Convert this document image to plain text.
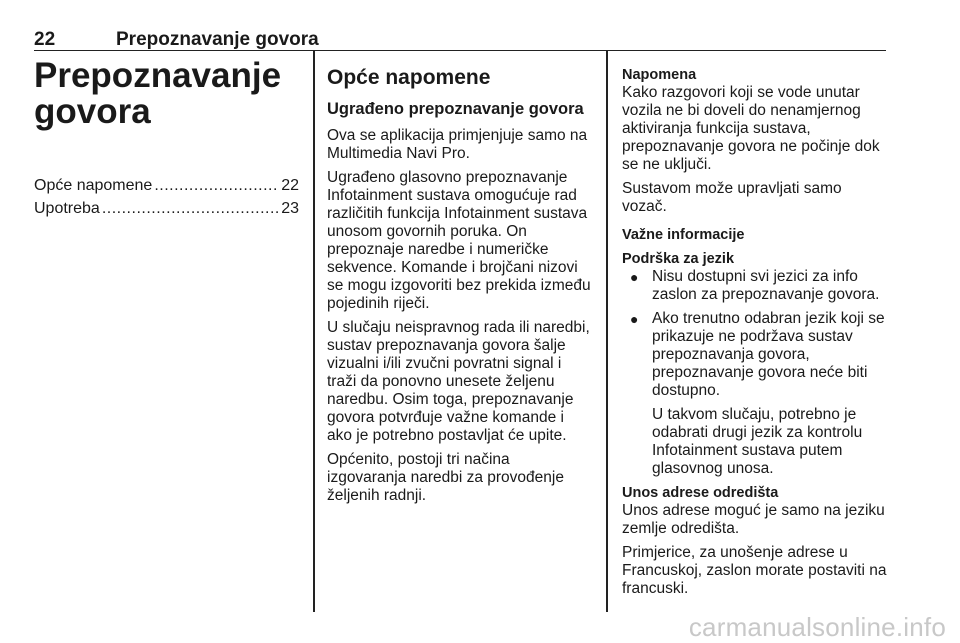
22	Prepoznavanje govora
Prepoznavanje
govora
Opće napomene .....	22
Upotreba .....	23
Opće napomene
Ugrađeno prepoznavanje govora

Ova se aplikacija primjenjuje samo na Multimedia Navi Pro.

Ugrađeno glasovno prepoznavanje Infotainment sustava omogućuje rad različitih funkcija Infotainment sustava unosom govornih poruka. On prepoznaje naredbe i numeričke sekvence. Komande i brojčani nizovi se mogu izgovoriti bez prekida između pojedinih riječi.

U slučaju neispravnog rada ili naredbi, sustav prepoznavanja govora šalje vizualni i/ili zvučni povratni signal i traži da ponovno unesete željenu naredbu. Osim toga, prepoznavanje govora potvrđuje važne komande i ako je potrebno postavljat će upite.

Općenito, postoji tri načina izgovaranja naredbi za provođenje željenih radnji.

Napomena

Kako razgovori koji se vode unutar vozila ne bi doveli do nenamjernog aktiviranja funkcija sustava, prepoznavanje govora ne počinje dok se ne uključi.

Sustavom može upravljati samo vozač.

Važne informacije
Podrška za jezik
● Nisu dostupni svi jezici za info zaslon za prepoznavanje govora.

● Ako trenutno odabran jezik koji se prikazuje ne podržava sustav prepoznavanja govora, prepoznavanje govora neće biti dostupno.

U takvom slučaju, potrebno je odabrati drugi jezik za kontrolu Infotainment sustava putem glasovnog unosa.

Unos adrese odredišta

Unos adrese moguć je samo na jeziku zemlje odredišta.

Primjerice, za unošenje adrese u Francuskoj, zaslon morate postaviti na francuski.

carmanualsonline.info
